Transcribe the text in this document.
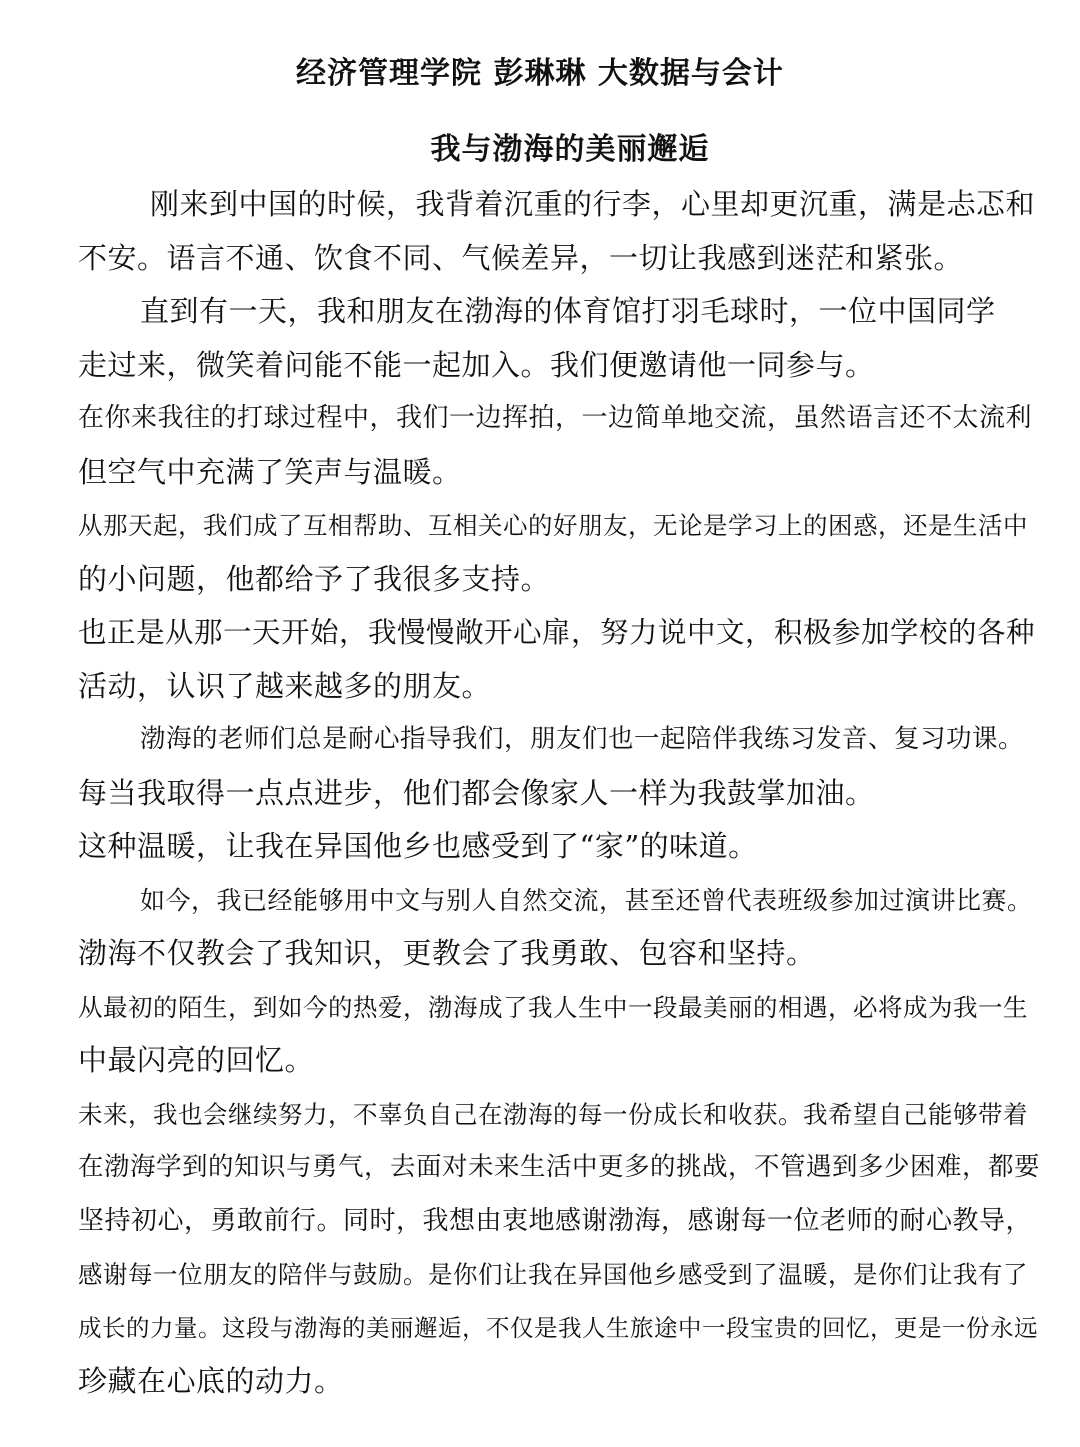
经济管理学院 彭琳琳 大数据与会计
我与渤海的美丽邂逅
刚来到中国的时候，我背着沉重的行李，心里却更沉重，满是忐忑和
不安。语言不通、饮食不同、气候差异，一切让我感到迷茫和紧张。
直到有一天，我和朋友在渤海的体育馆打羽毛球时，一位中国同学
走过来，微笑着问能不能一起加入。我们便邀请他一同参与。
在你来我往的打球过程中，我们一边挥拍，一边简单地交流，虽然语言还不太流利
但空气中充满了笑声与温暖。
从那天起，我们成了互相帮助、互相关心的好朋友，无论是学习上的困惑，还是生活中
的小问题，他都给予了我很多支持。
也正是从那一天开始，我慢慢敞开心扉，努力说中文，积极参加学校的各种
活动，认识了越来越多的朋友。
渤海的老师们总是耐心指导我们，朋友们也一起陪伴我练习发音、复习功课。
每当我取得一点点进步，他们都会像家人一样为我鼓掌加油。
这种温暖，让我在异国他乡也感受到了“家”的味道。
如今，我已经能够用中文与别人自然交流，甚至还曾代表班级参加过演讲比赛。
渤海不仅教会了我知识，更教会了我勇敢、包容和坚持。
从最初的陌生，到如今的热爱，渤海成了我人生中一段最美丽的相遇，必将成为我一生
中最闪亮的回忆。
未来，我也会继续努力，不辜负自己在渤海的每一份成长和收获。我希望自己能够带着
在渤海学到的知识与勇气，去面对未来生活中更多的挑战，不管遇到多少困难，都要
坚持初心，勇敢前行。同时，我想由衷地感谢渤海，感谢每一位老师的耐心教导，
感谢每一位朋友的陪伴与鼓励。是你们让我在异国他乡感受到了温暖，是你们让我有了
成长的力量。这段与渤海的美丽邂逅，不仅是我人生旅途中一段宝贵的回忆，更是一份永远
珍藏在心底的动力。
